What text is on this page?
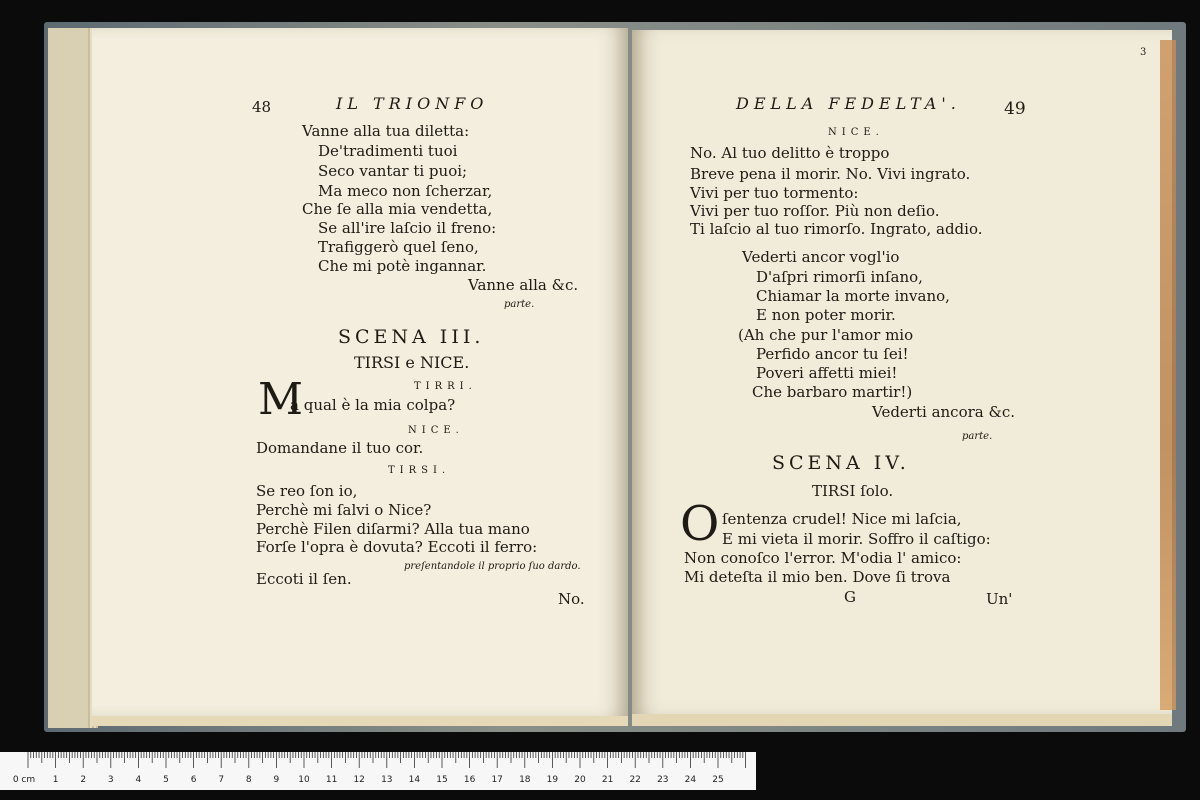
48	IL TRIONFO
Vanne alla tua diletta:
De'tradimenti tuoi
Seco vantar ti puoi;
Ma meco non ſcherzar,
Che ſe alla mia vendetta,
Se all'ire laſcio il freno:
Trafiggerò quel ſeno,
Che mi potè ingannar.
Vanne alla &c.
parte.
SCENA III.
TIRSI e NICE.
TIRRI.
M
a qual è la mia colpa?
NICE.
Domandane il tuo cor.
TIRSI.
Se reo ſon io,
Perchè mi ſalvi o Nice?
Perchè Filen diſarmi? Alla tua mano
Forſe l'opra è dovuta? Eccoti il ferro:
preſentandole il proprio ſuo dardo.
Eccoti il ſen.
No.
3
DELLA FEDELTA'.	49
NICE.
No. Al tuo delitto è troppo
Breve pena il morir. No. Vivi ingrato.
Vivi per tuo tormento:
Vivi per tuo roſſor. Più non deſio.
Ti laſcio al tuo rimorſo. Ingrato, addio.
Vederti ancor vogl'io
D'aſpri rimorſi inſano,
Chiamar la morte invano,
E non poter morir.
(Ah che pur l'amor mio
Perfido ancor tu ſei!
Poveri affetti miei!
Che barbaro martir!)
Vederti ancora &c.
parte.
SCENA IV.
TIRSI ſolo.
O ſentenza crudel! Nice mi laſcia,
E mi vieta il morir. Soffro il caſtigo:
Non conoſco l'error. M'odia l' amico:
Mi deteſta il mio ben. Dove ſi trova
G	Un'
0 cm	1	2	3	4	5	6	7	8	9	10	11	12	13	14	15	16	17	18	19	20	21	22	23	24	25
